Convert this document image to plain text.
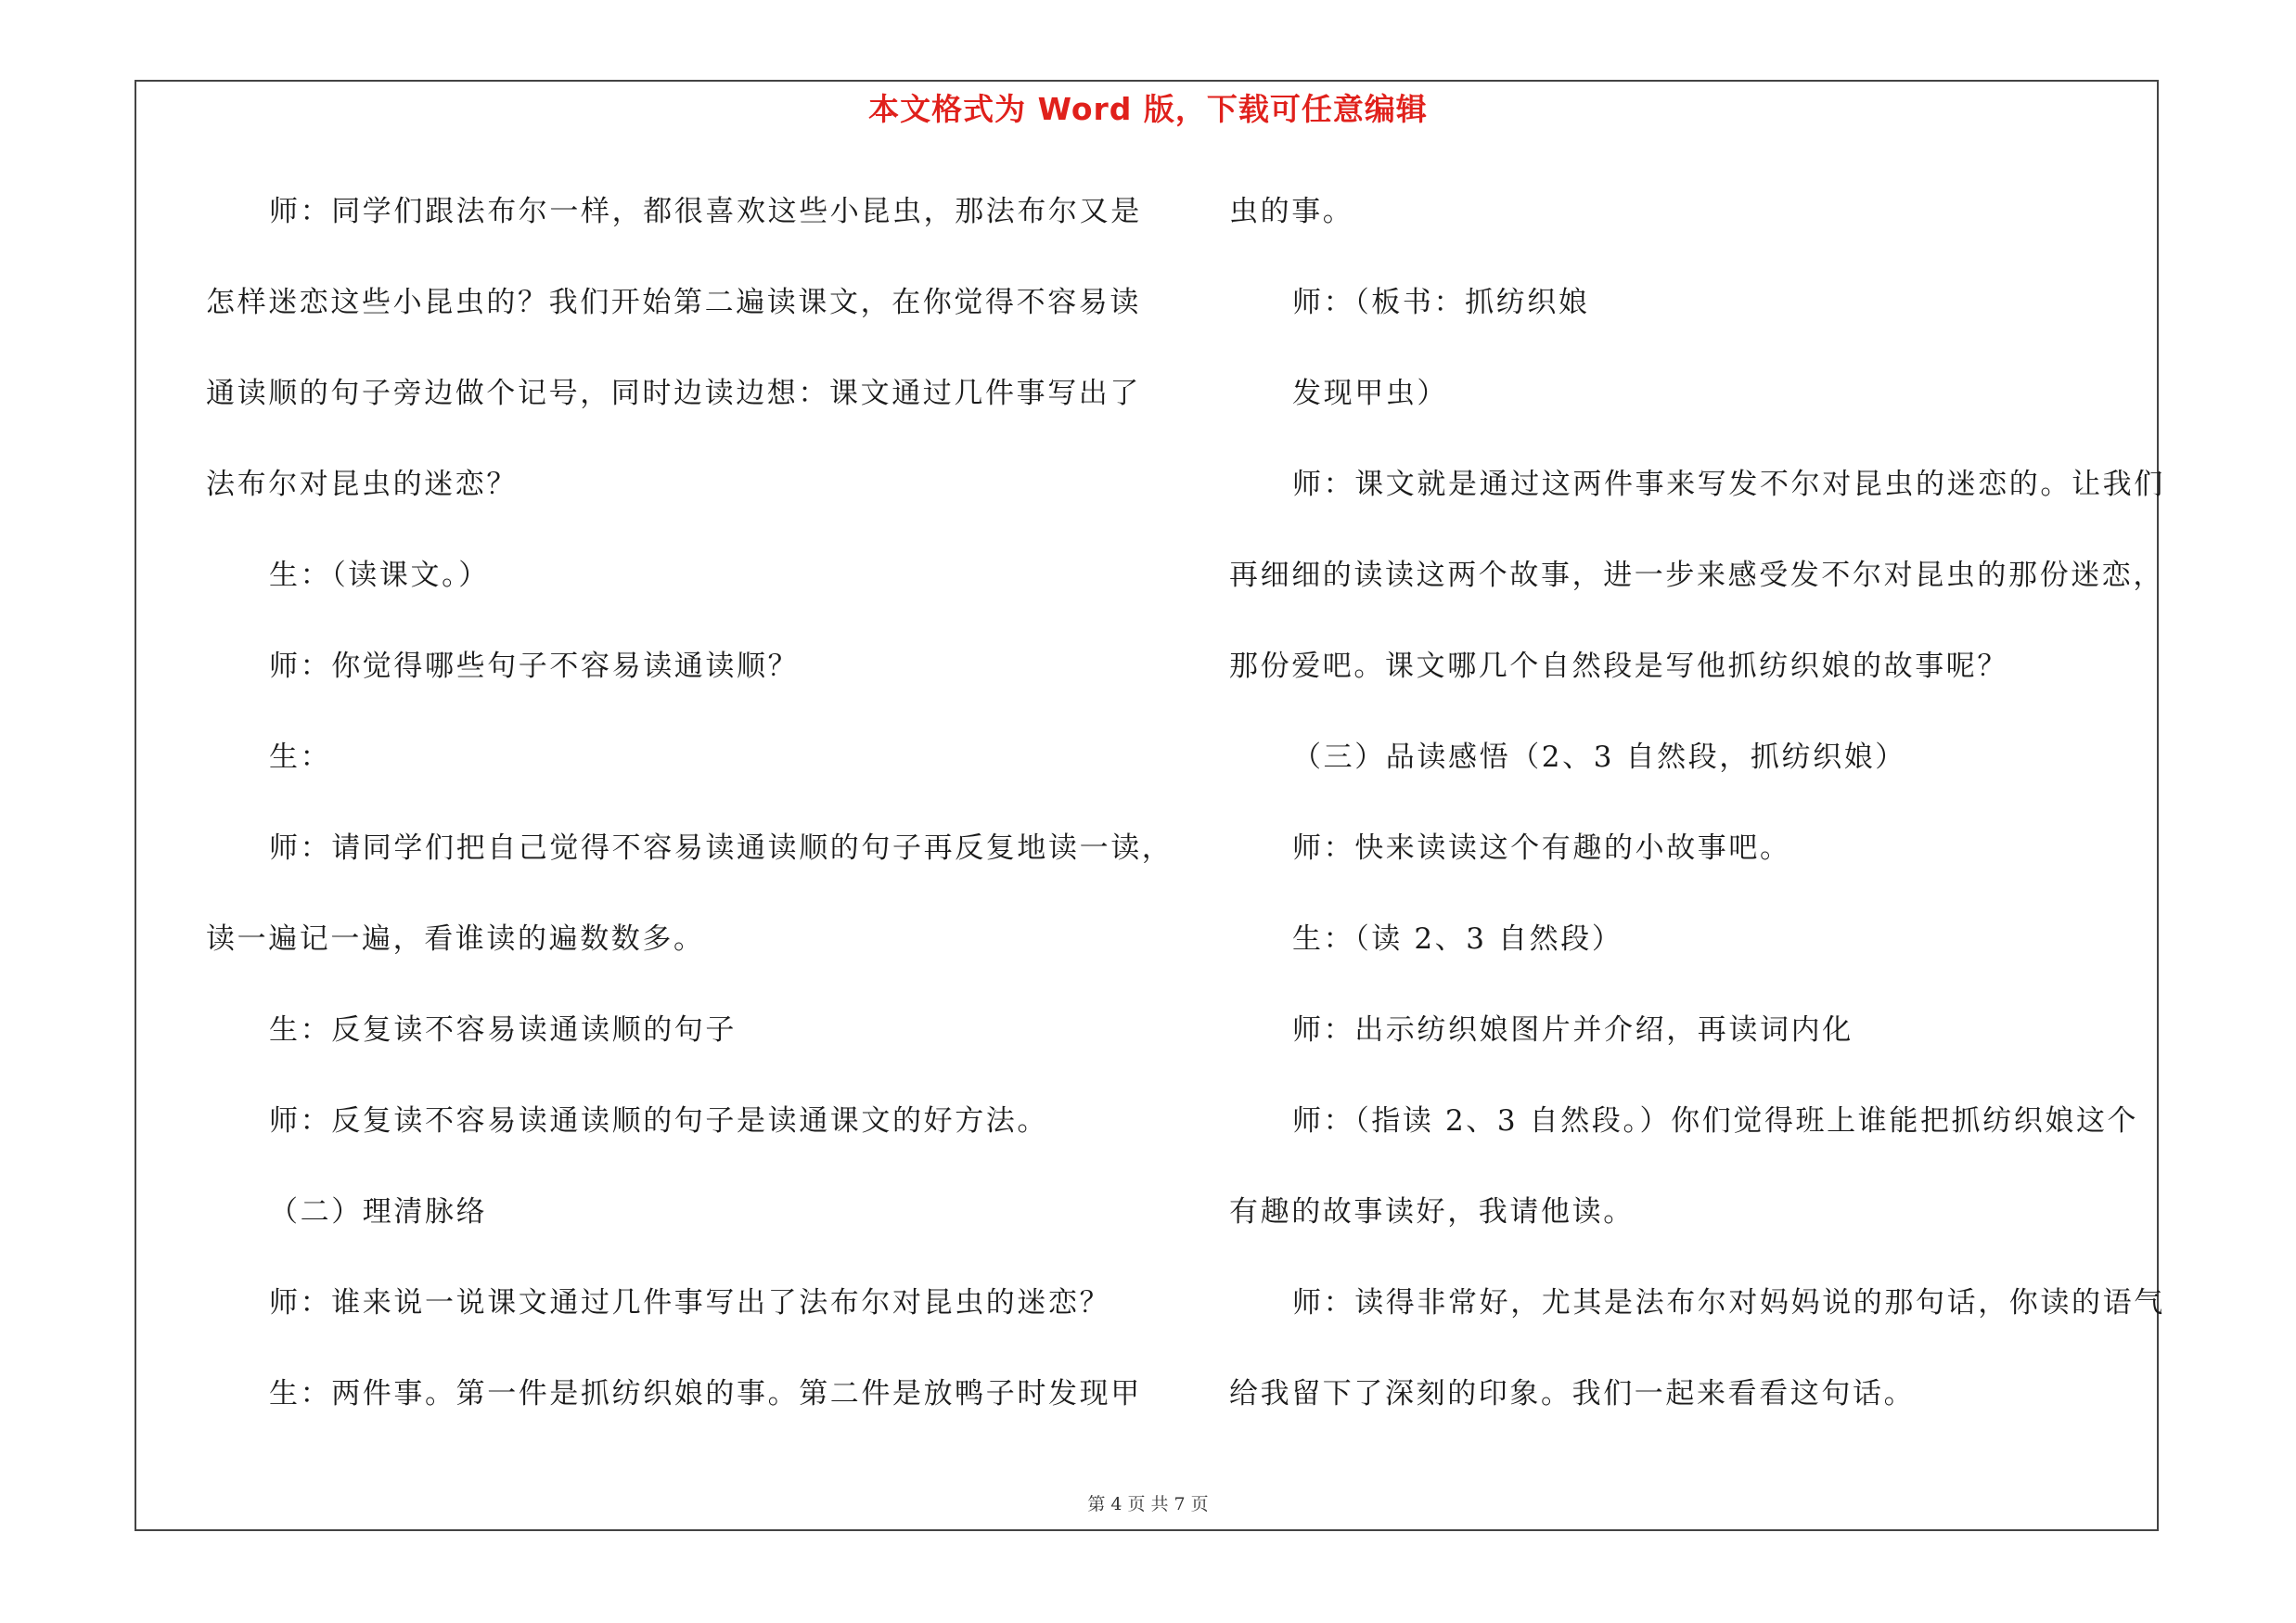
本文格式为 Word 版，下载可任意编辑
师：同学们跟法布尔一样，都很喜欢这些小昆虫，那法布尔又是
怎样迷恋这些小昆虫的？我们开始第二遍读课文，在你觉得不容易读
通读顺的句子旁边做个记号，同时边读边想：课文通过几件事写出了
法布尔对昆虫的迷恋？
生：（读课文。）
师：你觉得哪些句子不容易读通读顺？
生：
师：请同学们把自己觉得不容易读通读顺的句子再反复地读一读，
读一遍记一遍，看谁读的遍数数多。
生：反复读不容易读通读顺的句子
师：反复读不容易读通读顺的句子是读通课文的好方法。
（二）理清脉络
师：谁来说一说课文通过几件事写出了法布尔对昆虫的迷恋？
生：两件事。第一件是抓纺织娘的事。第二件是放鸭子时发现甲
虫的事。
师：（板书：抓纺织娘
发现甲虫）
师：课文就是通过这两件事来写发不尔对昆虫的迷恋的。让我们
再细细的读读这两个故事，进一步来感受发不尔对昆虫的那份迷恋，
那份爱吧。课文哪几个自然段是写他抓纺织娘的故事呢？
（三）品读感悟（2、3 自然段，抓纺织娘）
师：快来读读这个有趣的小故事吧。
生：（读 2、3 自然段）
师：出示纺织娘图片并介绍，再读词内化
师：（指读 2、3 自然段。）你们觉得班上谁能把抓纺织娘这个
有趣的故事读好，我请他读。
师：读得非常好，尤其是法布尔对妈妈说的那句话，你读的语气
给我留下了深刻的印象。我们一起来看看这句话。
第 4 页 共 7 页
